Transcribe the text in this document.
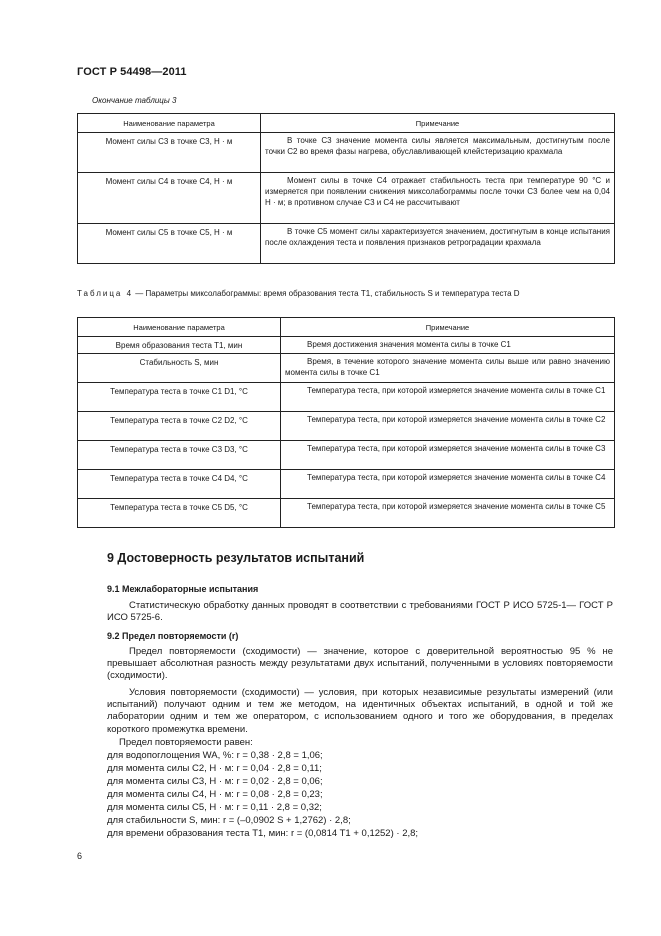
ГОСТ Р 54498—2011
Окончание таблицы 3
Наименование параметра	Примечание
Момент силы C3 в точке C3, Н · м	В точке С3 значение момента силы является максимальным, достигнутым после точки С2 во время фазы нагрева, обуславливающей клейстеризацию крахмала
Момент силы C4 в точке C4, Н · м	Момент силы в точке С4 отражает стабильность теста при температуре 90 °С и измеряется при появлении снижения миксолабограммы после точки С3 более чем на 0,04 Н · м; в противном случае C3 и C4 не рассчитывают
Момент силы C5 в точке C5, Н · м	В точке С5 момент силы характеризуется значением, достигнутым в конце испытания после охлаждения теста и появления признаков ретроградации крахмала
Таблица 4 — Параметры миксолабограммы: время образования теста T1, стабильность S и температура теста D
Наименование параметра	Примечание
Время образования теста T1, мин	Время достижения значения момента силы в точке C1
Стабильность S, мин	Время, в течение которого значение момента силы выше или равно значению момента силы в точке C1
Температура теста в точке C1 D1, °C	Температура теста, при которой измеряется значение момента силы в точке C1
Температура теста в точке C2 D2, °C	Температура теста, при которой измеряется значение момента силы в точке C2
Температура теста в точке C3 D3, °C	Температура теста, при которой измеряется значение момента силы в точке C3
Температура теста в точке C4 D4, °C	Температура теста, при которой измеряется значение момента силы в точке C4
Температура теста в точке C5 D5, °C	Температура теста, при которой измеряется значение момента силы в точке C5
9 Достоверность результатов испытаний
9.1 Межлабораторные испытания
Статистическую обработку данных проводят в соответствии с требованиями ГОСТ Р ИСО 5725-1— ГОСТ Р ИСО 5725-6.
9.2 Предел повторяемости (r)
Предел повторяемости (сходимости) — значение, которое с доверительной вероятностью 95 % не превышает абсолютная разность между результатами двух испытаний, полученными в условиях повторяемости (сходимости).
Условия повторяемости (сходимости) — условия, при которых независимые результаты измерений (или испытаний) получают одним и тем же методом, на идентичных объектах испытаний, в одной и той же лаборатории одним и тем же оператором, с использованием одного и того же оборудования, в пределах короткого промежутка времени.
Предел повторяемости равен:
для водопоглощения WA, %: r = 0,38 · 2,8 = 1,06;
для момента силы C2, Н · м: r = 0,04 · 2,8 = 0,11;
для момента силы C3, Н · м: r = 0,02 · 2,8 = 0,06;
для момента силы C4, Н · м: r = 0,08 · 2,8 = 0,23;
для момента силы C5, Н · м: r = 0,11 · 2,8 = 0,32;
для стабильности S, мин: r = (–0,0902 S + 1,2762) · 2,8;
для времени образования теста T1, мин: r = (0,0814 T1 + 0,1252) · 2,8;
6
